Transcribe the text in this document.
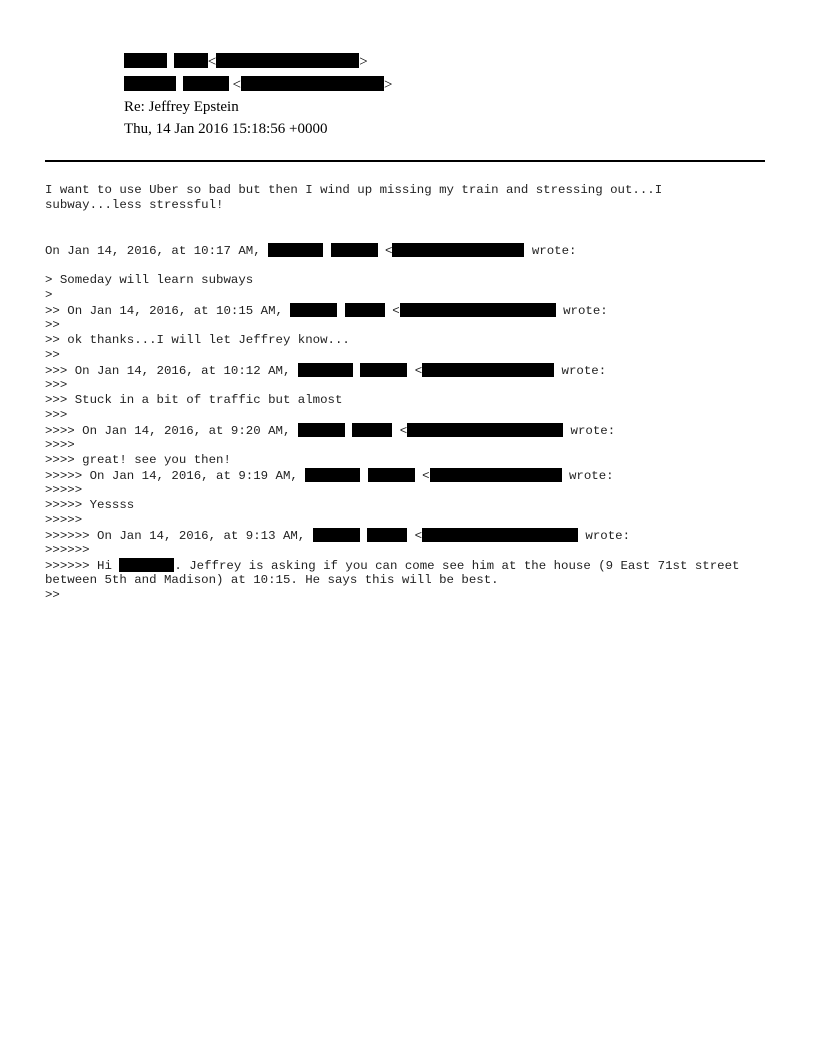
<	>
<	>
Re: Jeffrey Epstein
Thu, 14 Jan 2016 15:18:56 +0000
I want to use Uber so bad but then I wind up missing my train and stressing out...I
subway...less stressful!
On Jan 14, 2016, at 10:17 AM,	<	wrote:
> Someday will learn subways
>
>> On Jan 14, 2016, at 10:15 AM,	<	wrote:
>>
>> ok thanks...I will let Jeffrey know...
>>
>>> On Jan 14, 2016, at 10:12 AM,	<	wrote:
>>>
>>> Stuck in a bit of traffic but almost
>>>
>>>> On Jan 14, 2016, at 9:20 AM,	<	wrote:
>>>>
>>>> great! see you then!
>>>>> On Jan 14, 2016, at 9:19 AM,	<	wrote:
>>>>>
>>>>> Yessss
>>>>>
>>>>>> On Jan 14, 2016, at 9:13 AM,	<	wrote:
>>>>>>
>>>>>> Hi	. Jeffrey is asking if you can come see him at the house (9 East 71st street
between 5th and Madison) at 10:15. He says this will be best.
>>
